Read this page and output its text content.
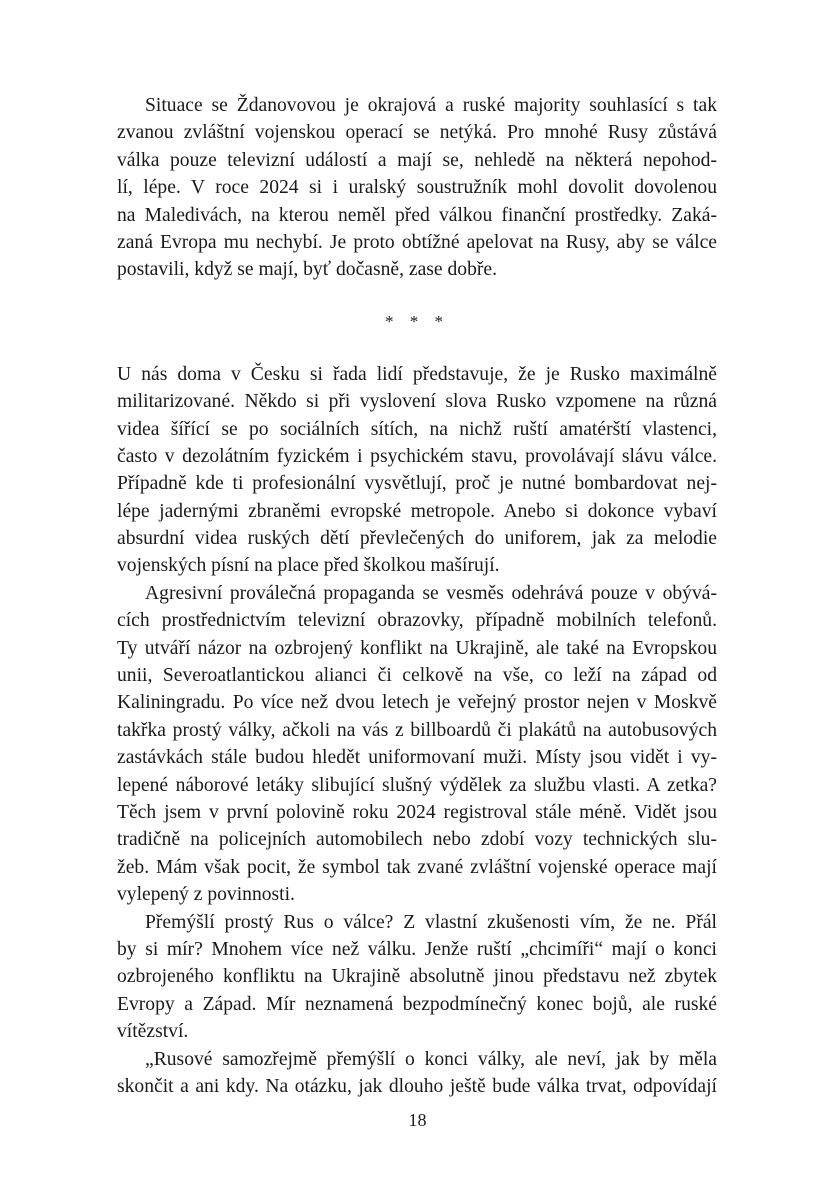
Situace se Ždanovovou je okrajová a ruské majority souhlasící s tak
zvanou zvláštní vojenskou operací se netýká. Pro mnohé Rusy zůstává
válka pouze televizní událostí a mají se, nehledě na některá nepohod-
lí, lépe. V roce 2024 si i uralský soustružník mohl dovolit dovolenou
na Maledivách, na kterou neměl před válkou finanční prostředky. Zaká-
zaná Evropa mu nechybí. Je proto obtížné apelovat na Rusy, aby se válce
postavili, když se mají, byť dočasně, zase dobře.
* * *
U nás doma v Česku si řada lidí představuje, že je Rusko maximálně
militarizované. Někdo si při vyslovení slova Rusko vzpomene na různá
videa šířící se po sociálních sítích, na nichž ruští amatérští vlastenci,
často v dezolátním fyzickém i psychickém stavu, provolávají slávu válce.
Případně kde ti profesionální vysvětlují, proč je nutné bombardovat nej-
lépe jadernými zbraněmi evropské metropole. Anebo si dokonce vybaví
absurdní videa ruských dětí převlečených do uniforem, jak za melodie
vojenských písní na place před školkou mašírují.
Agresivní proválečná propaganda se vesměs odehrává pouze v obývá-
cích prostřednictvím televizní obrazovky, případně mobilních telefonů.
Ty utváří názor na ozbrojený konflikt na Ukrajině, ale také na Evropskou
unii, Severoatlantickou alianci či celkově na vše, co leží na západ od
Kaliningradu. Po více než dvou letech je veřejný prostor nejen v Moskvě
takřka prostý války, ačkoli na vás z billboardů či plakátů na autobusových
zastávkách stále budou hledět uniformovaní muži. Místy jsou vidět i vy-
lepené náborové letáky slibující slušný výdělek za službu vlasti. A zetka?
Těch jsem v první polovině roku 2024 registroval stále méně. Vidět jsou
tradičně na policejních automobilech nebo zdobí vozy technických slu-
žeb. Mám však pocit, že symbol tak zvané zvláštní vojenské operace mají
vylepený z povinnosti.
Přemýšlí prostý Rus o válce? Z vlastní zkušenosti vím, že ne. Přál
by si mír? Mnohem více než válku. Jenže ruští „chcimíři“ mají o konci
ozbrojeného konfliktu na Ukrajině absolutně jinou představu než zbytek
Evropy a Západ. Mír neznamená bezpodmínečný konec bojů, ale ruské
vítězství.
„Rusové samozřejmě přemýšlí o konci války, ale neví, jak by měla
skončit a ani kdy. Na otázku, jak dlouho ještě bude válka trvat, odpovídají
18
